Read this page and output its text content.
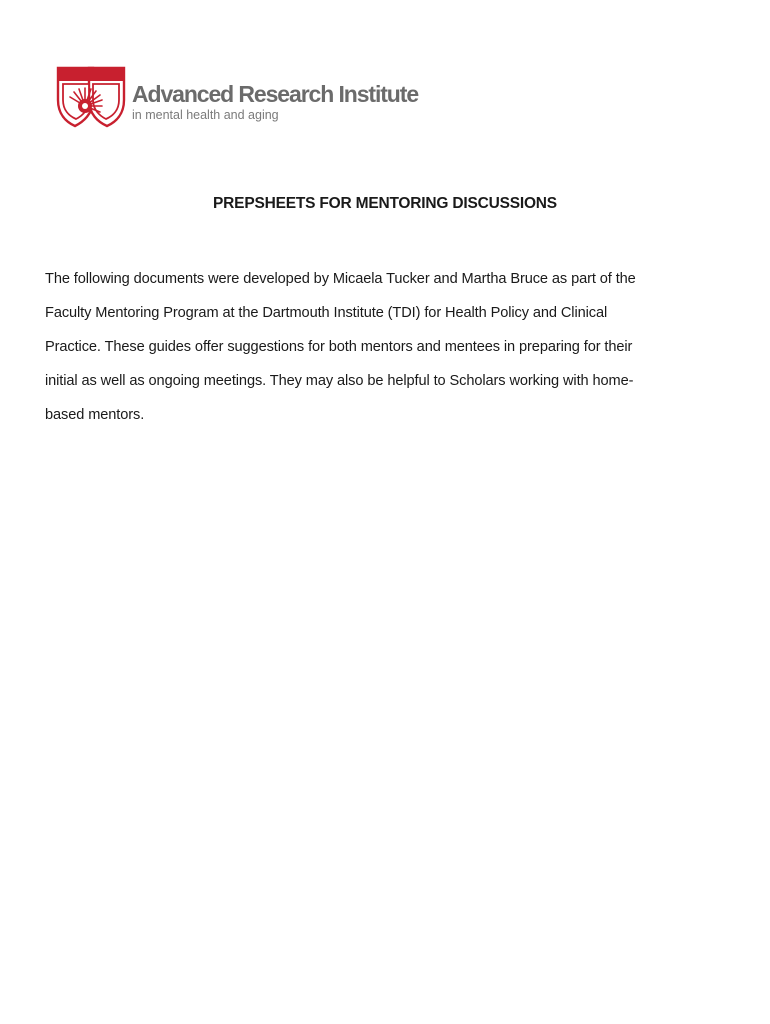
Advanced Research Institute
in mental health and aging
PREPSHEETS FOR MENTORING DISCUSSIONS

The following documents were developed by Micaela Tucker and Martha Bruce as part of the
Faculty Mentoring Program at the Dartmouth Institute (TDI) for Health Policy and Clinical
Practice. These guides offer suggestions for both mentors and mentees in preparing for their
initial as well as ongoing meetings. They may also be helpful to Scholars working with home-
based mentors.
